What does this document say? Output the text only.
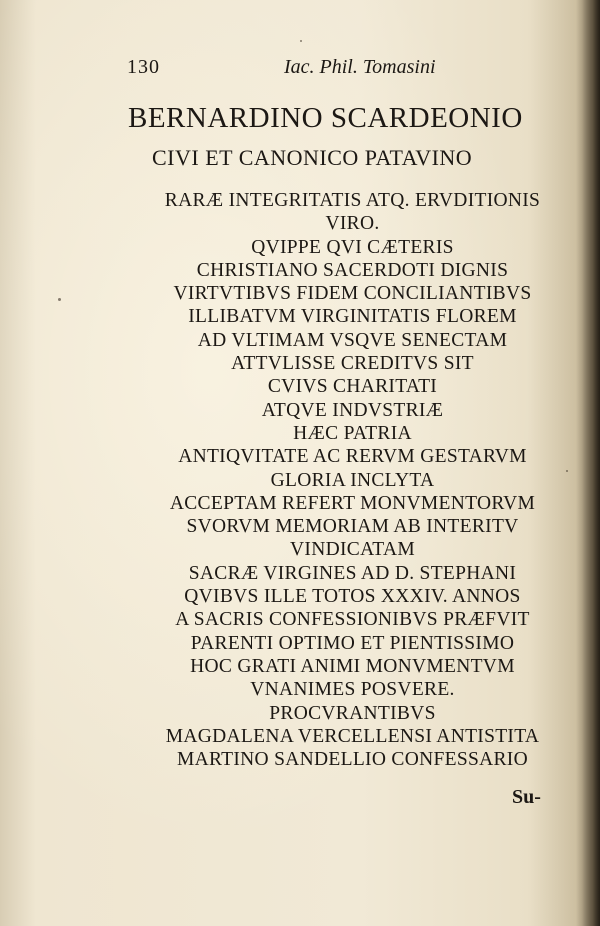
130	Iac. Phil. Tomasini
BERNARDINO SCARDEONIO
CIVI ET CANONICO PATAVINO
RARÆ INTEGRITATIS ATQ. ERVDITIONIS
VIRO.
QVIPPE QVI CÆTERIS
CHRISTIANO SACERDOTI DIGNIS
VIRTVTIBVS FIDEM CONCILIANTIBVS
ILLIBATVM VIRGINITATIS FLOREM
AD VLTIMAM VSQVE SENECTAM
ATTVLISSE CREDITVS SIT
CVIVS CHARITATI
ATQVE INDVSTRIÆ
HÆC PATRIA
ANTIQVITATE AC RERVM GESTARVM
GLORIA INCLYTA
ACCEPTAM REFERT MONVMENTORVM
SVORVM MEMORIAM AB INTERITV
VINDICATAM
SACRÆ VIRGINES AD D. STEPHANI
QVIBVS ILLE TOTOS XXXIV. ANNOS
A SACRIS CONFESSIONIBVS PRÆFVIT
PARENTI OPTIMO ET PIENTISSIMO
HOC GRATI ANIMI MONVMENTVM
VNANIMES POSVERE.
PROCVRANTIBVS
MAGDALENA VERCELLENSI ANTISTITA
MARTINO SANDELLIO CONFESSARIO
Su-
